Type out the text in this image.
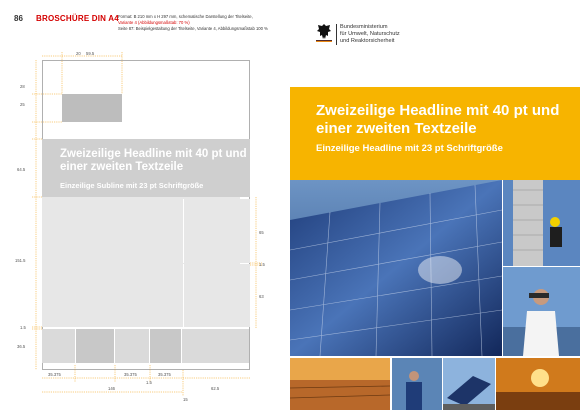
86 BROSCHÜRE DIN A4 Format: B 210 mm x H 297 mm, schematische Darstellung der Titelseite,
Variante 4 (Abbildungsmaßstab: 70 %)
Seite 87: Beispielgestaltung der Titelseite, Variante 4, Abbildungsmaßstab 100 %
Zweizeilige Headline mit 40 pt und einer zweiten Textzeile
Einzeilige Subline mit 23 pt Schriftgröße
20 59.5
28
25
64.5
151.5
1.5
36.5
65
1.5
63
35.375	35.375	35.375
1.5
146	62.5
15
Bundesministerium
für Umwelt, Naturschutz
und Reaktorsicherheit
Zweizeilige Headline mit 40 pt und einer zweiten Textzeile
Einzeilige Headline mit 23 pt Schriftgröße
